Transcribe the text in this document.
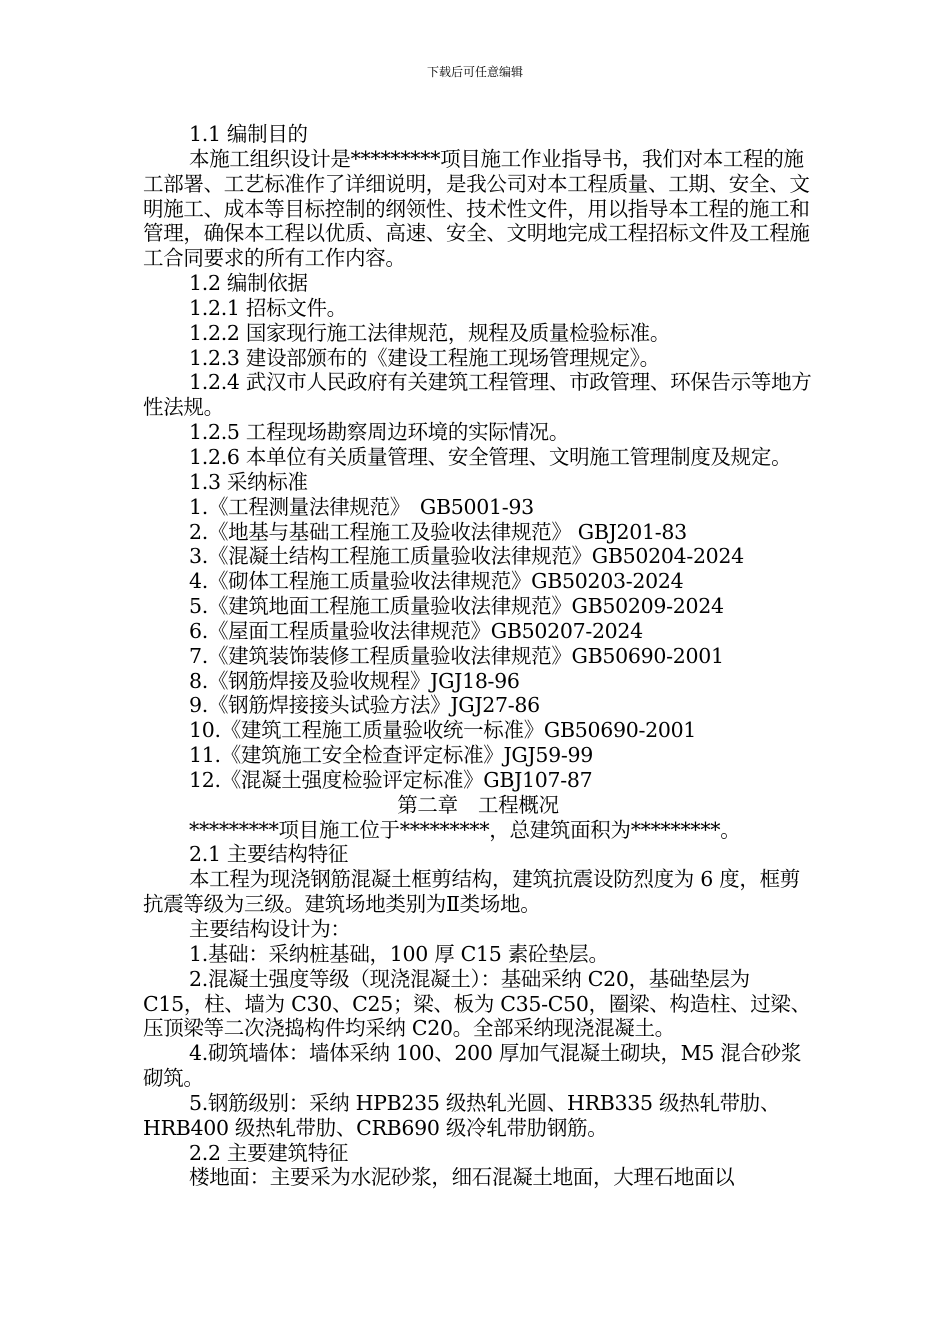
下载后可任意编辑

1.1 编制目的

本施工组织设计是*********项目施工作业指导书，我们对本工程的施工部署、工艺标准作了详细说明，是我公司对本工程质量、工期、安全、文明施工、成本等目标控制的纲领性、技术性文件，用以指导本工程的施工和管理，确保本工程以优质、高速、安全、文明地完成工程招标文件及工程施工合同要求的所有工作内容。

1.2 编制依据

1.2.1 招标文件。

1.2.2 国家现行施工法律规范，规程及质量检验标准。

1.2.3 建设部颁布的《建设工程施工现场管理规定》。

1.2.4 武汉市人民政府有关建筑工程管理、市政管理、环保告示等地方性法规。

1.2.5 工程现场勘察周边环境的实际情况。

1.2.6 本单位有关质量管理、安全管理、文明施工管理制度及规定。

1.3 采纳标准

1.《工程测量法律规范》　GB5001-93

2.《地基与基础工程施工及验收法律规范》 GBJ201-83

3.《混凝土结构工程施工质量验收法律规范》GB50204-2024

4.《砌体工程施工质量验收法律规范》GB50203-2024

5.《建筑地面工程施工质量验收法律规范》GB50209-2024

6.《屋面工程质量验收法律规范》GB50207-2024

7.《建筑装饰装修工程质量验收法律规范》GB50690-2001

8.《钢筋焊接及验收规程》JGJ18-96

9.《钢筋焊接接头试验方法》JGJ27-86

10.《建筑工程施工质量验收统一标准》GB50690-2001

11.《建筑施工安全检查评定标准》JGJ59-99

12.《混凝土强度检验评定标准》GBJ107-87

第二章　工程概况

*********项目施工位于*********，总建筑面积为*********。

2.1 主要结构特征

本工程为现浇钢筋混凝土框剪结构，建筑抗震设防烈度为 6 度，框剪抗震等级为三级。建筑场地类别为Ⅱ类场地。

主要结构设计为：

1.基础：采纳桩基础，100 厚 C15 素砼垫层。

2.混凝土强度等级（现浇混凝土）：基础采纳 C20，基础垫层为 C15，柱、墙为 C30、C25；梁、板为 C35-C50，圈梁、构造柱、过梁、压顶梁等二次浇捣构件均采纳 C20。全部采纳现浇混凝土。

4.砌筑墙体：墙体采纳 100、200 厚加气混凝土砌块，M5 混合砂浆砌筑。

5.钢筋级别：采纳 HPB235 级热轧光圆、HRB335 级热轧带肋、HRB400 级热轧带肋、CRB690 级冷轧带肋钢筋。

2.2 主要建筑特征

楼地面：主要采为水泥砂浆，细石混凝土地面，大理石地面以
